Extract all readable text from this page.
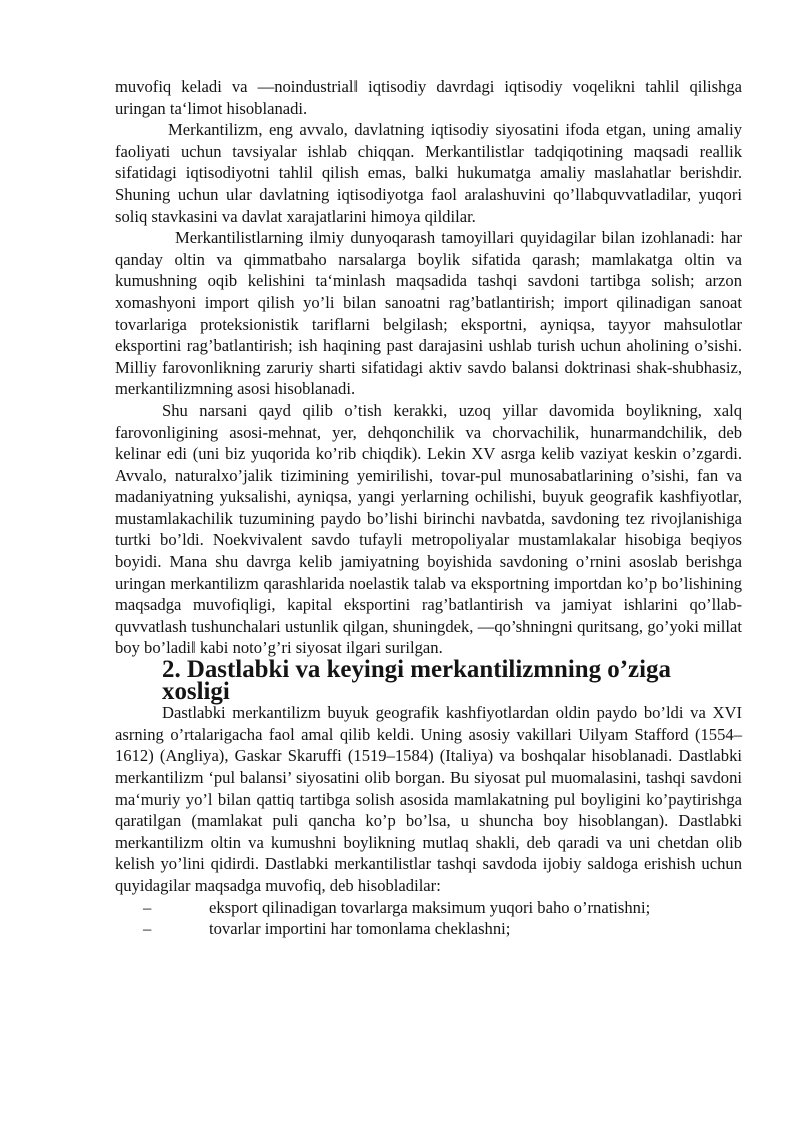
muvofiq keladi va ―noindustrial‖ iqtisodiy davrdagi iqtisodiy voqelikni tahlil qilishga uringan ta‘limot hisoblanadi.

Merkantilizm, eng avvalo, davlatning iqtisodiy siyosatini ifoda etgan, uning amaliy faoliyati uchun tavsiyalar ishlab chiqqan. Merkantilistlar tadqiqotining maqsadi reallik sifatidagi iqtisodiyotni tahlil qilish emas, balki hukumatga amaliy maslahatlar berishdir. Shuning uchun ular davlatning iqtisodiyotga faol aralashuvini qo’llabquvvatladilar, yuqori soliq stavkasini va davlat xarajatlarini himoya qildilar.

Merkantilistlarning ilmiy dunyoqarash tamoyillari quyidagilar bilan izohlanadi: har qanday oltin va qimmatbaho narsalarga boylik sifatida qarash; mamlakatga oltin va kumushning oqib kelishini ta‘minlash maqsadida tashqi savdoni tartibga solish; arzon xomashyoni import qilish yo’li bilan sanoatni rag’batlantirish; import qilinadigan sanoat tovarlariga proteksionistik tariflarni belgilash; eksportni, ayniqsa, tayyor mahsulotlar eksportini rag’batlantirish; ish haqining past darajasini ushlab turish uchun aholining o’sishi. Milliy farovonlikning zaruriy sharti sifatidagi aktiv savdo balansi doktrinasi shak-shubhasiz, merkantilizmning asosi hisoblanadi.

Shu narsani qayd qilib o’tish kerakki, uzoq yillar davomida boylikning, xalq farovonligining asosi-mehnat, yer, dehqonchilik va chorvachilik, hunarmandchilik, deb kelinar edi (uni biz yuqorida ko’rib chiqdik). Lekin XV asrga kelib vaziyat keskin o’zgardi. Avvalo, naturalxo’jalik tizimining yemirilishi, tovar-pul munosabatlarining o’sishi, fan va madaniyatning yuksalishi, ayniqsa, yangi yerlarning ochilishi, buyuk geografik kashfiyotlar, mustamlakachilik tuzumining paydo bo’lishi birinchi navbatda, savdoning tez rivojlanishiga turtki bo’ldi. Noekvivalent savdo tufayli metropoliyalar mustamlakalar hisobiga beqiyos boyidi. Mana shu davrga kelib jamiyatning boyishida savdoning o’rnini asoslab berishga uringan merkantilizm qarashlarida noelastik talab va eksportning importdan ko’p bo’lishining maqsadga muvofiqligi, kapital eksportini rag’batlantirish va jamiyat ishlarini qo’llab-quvvatlash tushunchalari ustunlik qilgan, shuningdek, ―qo’shningni quritsang, go’yoki millat boy bo’ladi‖ kabi noto’g’ri siyosat ilgari surilgan.

2. Dastlabki va keyingi merkantilizmning o’ziga xosligi

Dastlabki merkantilizm buyuk geografik kashfiyotlardan oldin paydo bo’ldi va XVI asrning o’rtalarigacha faol amal qilib keldi. Uning asosiy vakillari Uilyam Stafford (1554–1612) (Angliya), Gaskar Skaruffi (1519–1584) (Italiya) va boshqalar hisoblanadi. Dastlabki merkantilizm ‘pul balansi’ siyosatini olib borgan. Bu siyosat pul muomalasini, tashqi savdoni ma‘muriy yo’l bilan qattiq tartibga solish asosida mamlakatning pul boyligini ko’paytirishga qaratilgan (mamlakat puli qancha ko’p bo’lsa, u shuncha boy hisoblangan). Dastlabki merkantilizm oltin va kumushni boylikning mutlaq shakli, deb qaradi va uni chetdan olib kelish yo’lini qidirdi. Dastlabki merkantilistlar tashqi savdoda ijobiy saldoga erishish uchun quyidagilar maqsadga muvofiq, deb hisobladilar:

–	eksport qilinadigan tovarlarga maksimum yuqori baho o’rnatishni;
–	tovarlar importini har tomonlama cheklashni;
